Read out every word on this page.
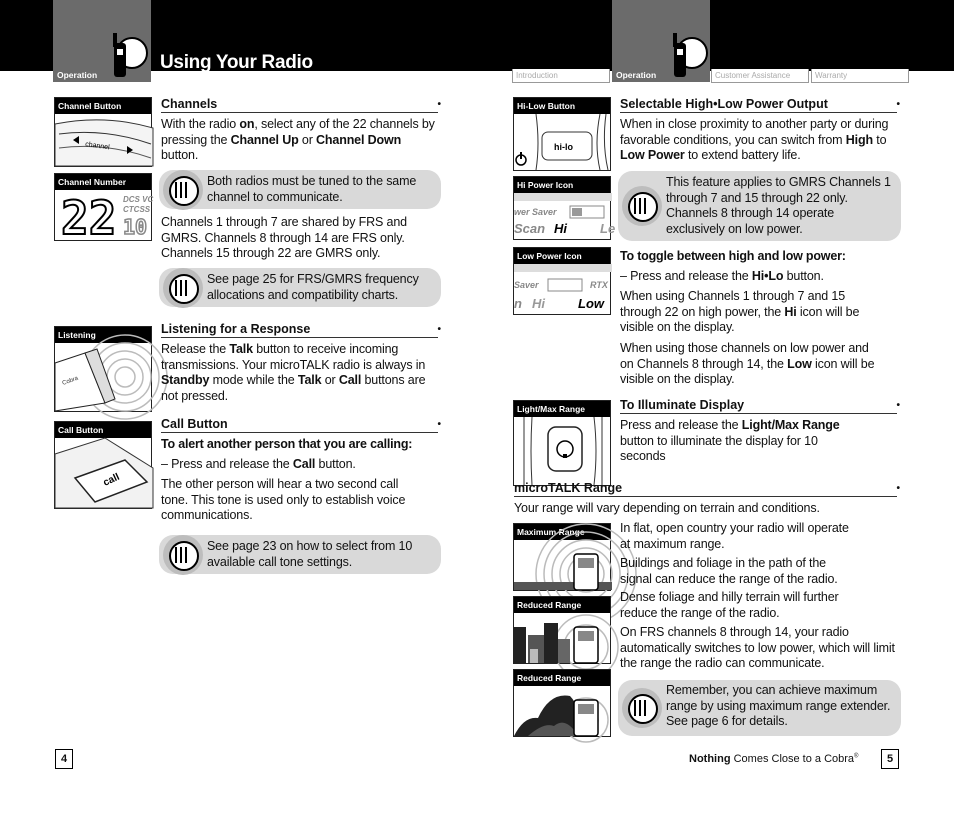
Operation
Using Your Radio
Operation
Introduction	Customer Assistance	Warranty
Channel Button
channel
Channel Number
22 DCS VC
CTCSS
10
Listening
Cobra
Call Button
call
Channels •
With the radio on, select any of the 22 channels by pressing the Channel Up or Channel Down button.
Both radios must be tuned to the same channel to communicate.
Channels 1 through 7 are shared by FRS and GMRS. Channels 8 through 14 are FRS only. Channels 15 through 22 are GMRS only.
See page 25 for FRS/GMRS frequency allocations and compatibility charts.
Listening for a Response •
Release the Talk button to receive incoming transmissions. Your microTALK radio is always in Standby mode while the Talk or Call buttons are not pressed.
Call Button •
To alert another person that you are calling:
– Press and release the Call button.
The other person will hear a two second call tone. This tone is used only to establish voice communications.
See page 23 on how to select from 10 available call tone settings.
4
Hi-Low Button
hi-lo
Hi Power Icon
wer Saver
Scan Hi	Le
Low Power Icon
Saver	RTX
n Hi	Low
Light/Max Range
Maximum Range
Reduced Range
Reduced Range
Selectable High•Low Power Output •
When in close proximity to another party or during favorable conditions, you can switch from High to Low Power to extend battery life.
This feature applies to GMRS Channels 1 through 7 and 15 through 22 only. Channels 8 through 14 operate exclusively on low power.
To toggle between high and low power:
– Press and release the Hi•Lo button.
When using Channels 1 through 7 and 15 through 22 on high power, the Hi icon will be visible on the display.
When using those channels on low power and on Channels 8 through 14, the Low icon will be visible on the display.
To Illuminate Display •
Press and release the Light/Max Range button to illuminate the display for 10 seconds
microTALK Range •
Your range will vary depending on terrain and conditions.
In flat, open country your radio will operate at maximum range.
Buildings and foliage in the path of the signal can reduce the range of the radio.
Dense foliage and hilly terrain will further reduce the range of the radio.
On FRS channels 8 through 14, your radio automatically switches to low power, which will limit the range the radio can communicate.
Remember, you can achieve maximum range by using maximum range extender. See page 6 for details.
Nothing Comes Close to a Cobra®	5
